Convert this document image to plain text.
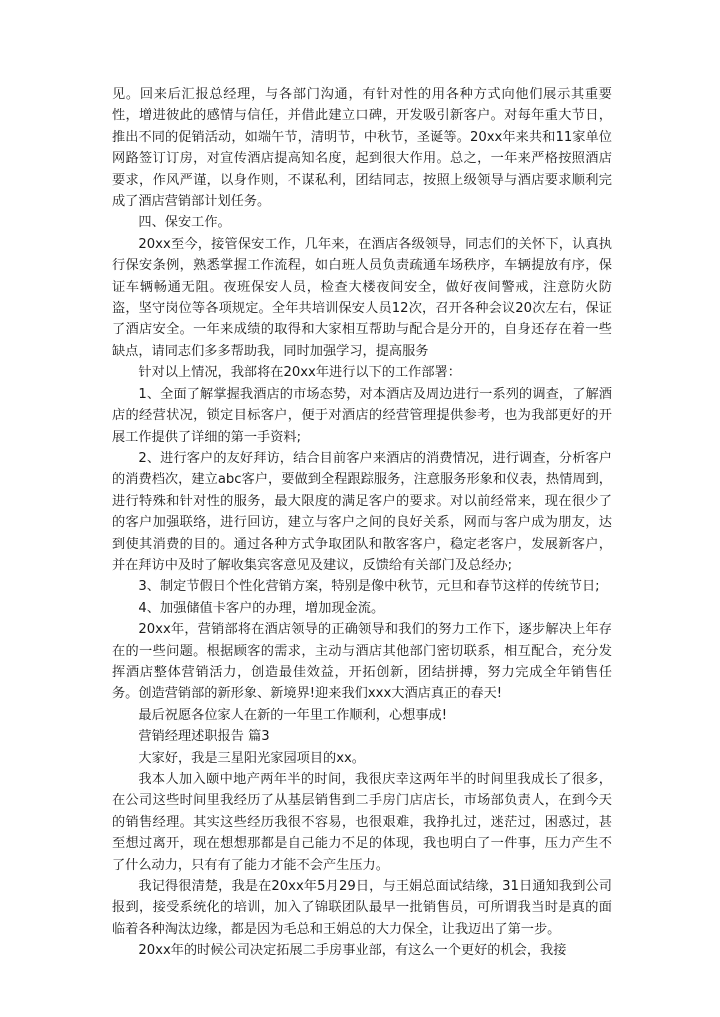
见。回来后汇报总经理，与各部门沟通，有针对性的用各种方式向他们展示其重要性，增进彼此的感情与信任，并借此建立口碑，开发吸引新客户。对每年重大节日，推出不同的促销活动，如端午节，清明节，中秋节，圣诞等。20xx年来共和11家单位网路签订订房，对宣传酒店提高知名度，起到很大作用。总之，一年来严格按照酒店要求，作风严谨，以身作则，不谋私利，团结同志，按照上级领导与酒店要求顺利完成了酒店营销部计划任务。

四、保安工作。

20xx至今，接管保安工作，几年来，在酒店各级领导，同志们的关怀下，认真执行保安条例，熟悉掌握工作流程，如白班人员负责疏通车场秩序，车辆提放有序，保证车辆畅通无阻。夜班保安人员，检查大楼夜间安全，做好夜间警戒，注意防火防盗，坚守岗位等各项规定。全年共培训保安人员12次，召开各种会议20次左右，保证了酒店安全。一年来成绩的取得和大家相互帮助与配合是分开的，自身还存在着一些缺点，请同志们多多帮助我，同时加强学习，提高服务

针对以上情况，我部将在20xx年进行以下的工作部署：

1、全面了解掌握我酒店的市场态势，对本酒店及周边进行一系列的调查，了解酒店的经营状况，锁定目标客户，便于对酒店的经营管理提供参考，也为我部更好的开展工作提供了详细的第一手资料;

2、进行客户的友好拜访，结合目前客户来酒店的消费情况，进行调查，分析客户的消费档次，建立abc客户，要做到全程跟踪服务，注意服务形象和仪表，热情周到，进行特殊和针对性的服务，最大限度的满足客户的要求。对以前经常来，现在很少了的客户加强联络，进行回访，建立与客户之间的良好关系，网而与客户成为朋友，达到使其消费的目的。通过各种方式争取团队和散客客户，稳定老客户，发展新客户，并在拜访中及时了解收集宾客意见及建议，反馈给有关部门及总经办;

3、制定节假日个性化营销方案，特别是像中秋节，元旦和春节这样的传统节日;

4、加强储值卡客户的办理，增加现金流。

20xx年，营销部将在酒店领导的正确领导和我们的努力工作下，逐步解决上年存在的一些问题。根据顾客的需求，主动与酒店其他部门密切联系，相互配合，充分发挥酒店整体营销活力，创造最佳效益，开拓创新，团结拼搏，努力完成全年销售任务。创造营销部的新形象、新境界!迎来我们xxx大酒店真正的春天!

最后祝愿各位家人在新的一年里工作顺利，心想事成!

营销经理述职报告 篇3

大家好，我是三星阳光家园项目的xx。

我本人加入颐中地产两年半的时间，我很庆幸这两年半的时间里我成长了很多，在公司这些时间里我经历了从基层销售到二手房门店店长，市场部负责人，在到今天的销售经理。其实这些经历我很不容易，也很艰难，我挣扎过，迷茫过，困惑过，甚至想过离开，现在想想那都是自己能力不足的体现，我也明白了一件事，压力产生不了什么动力，只有有了能力才能不会产生压力。

我记得很清楚，我是在20xx年5月29日，与王娟总面试结缘，31日通知我到公司报到，接受系统化的培训，加入了锦联团队最早一批销售员，可所谓我当时是真的面临着各种淘汰边缘，都是因为毛总和王娟总的大力保全，让我迈出了第一步。

20xx年的时候公司决定拓展二手房事业部，有这么一个更好的机会，我接
